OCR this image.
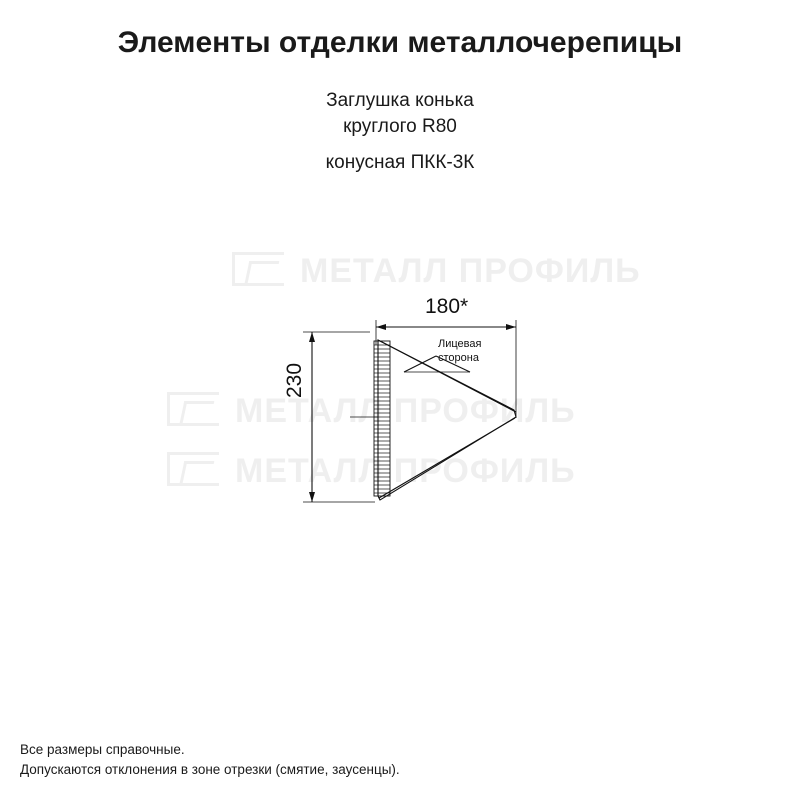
Элементы отделки металлочерепицы
Заглушка конька
круглого R80
конусная ПКК-3К
МЕТАЛЛ ПРОФИЛЬ
МЕТАЛЛ ПРОФИЛЬ
МЕТАЛЛ ПРОФИЛЬ
180*
230
Лицевая
сторона
Все размеры справочные.
Допускаются отклонения в зоне отрезки (смятие, заусенцы).
